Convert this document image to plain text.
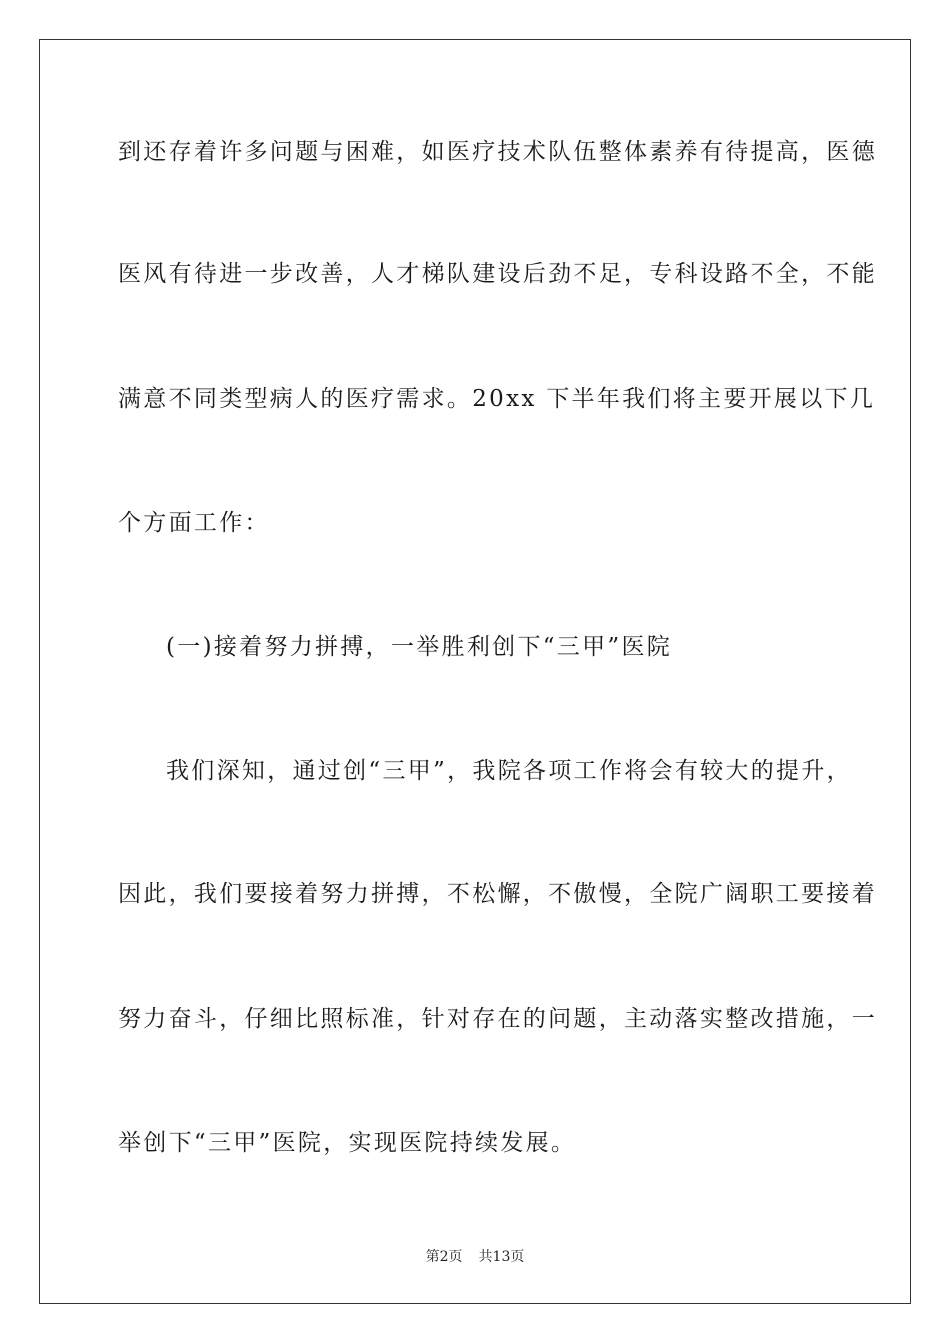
到还存着许多问题与困难，如医疗技术队伍整体素养有待提高，医德
医风有待进一步改善，人才梯队建设后劲不足，专科设路不全，不能
满意不同类型病人的医疗需求。20xx 下半年我们将主要开展以下几
个方面工作：
(一)接着努力拼搏，一举胜利创下“三甲”医院
我们深知，通过创“三甲”，我院各项工作将会有较大的提升，
因此，我们要接着努力拼搏，不松懈，不傲慢，全院广阔职工要接着
努力奋斗，仔细比照标准，针对存在的问题，主动落实整改措施，一
举创下“三甲”医院，实现医院持续发展。
第2页 共13页
